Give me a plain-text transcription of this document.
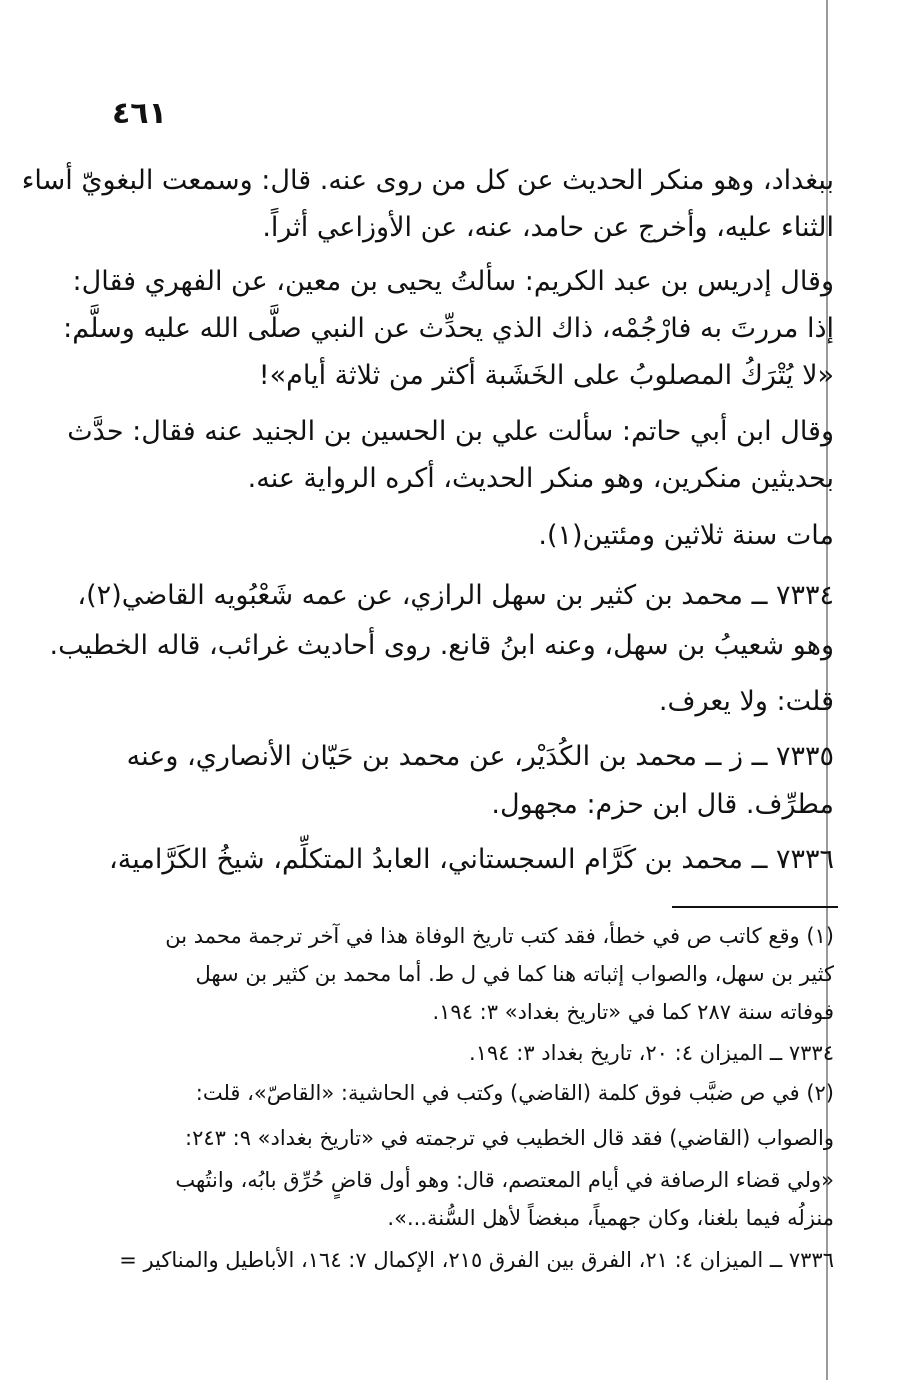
٤٦١
ببغداد، وهو منكر الحديث عن كل من روى عنه. قال: وسمعت البغويّ أساء
الثناء عليه، وأخرج عن حامد، عنه، عن الأوزاعي أثراً.
وقال إدريس بن عبد الكريم: سألتُ يحيى بن معين، عن الفهري فقال:
إذا مررتَ به فارْجُمْه، ذاك الذي يحدِّث عن النبي صلَّى الله عليه وسلَّم:
«لا يُتْرَكُ المصلوبُ على الخَشَبة أكثر من ثلاثة أيام»!
وقال ابن أبي حاتم: سألت علي بن الحسين بن الجنيد عنه فقال: حدَّث
بحديثين منكرين، وهو منكر الحديث، أكره الرواية عنه.
مات سنة ثلاثين ومئتين(١).
٧٣٣٤ ــ محمد بن كثير بن سهل الرازي، عن عمه شَعْبُويه القاضي(٢)،
وهو شعيبُ بن سهل، وعنه ابنُ قانع. روى أحاديث غرائب، قاله الخطيب.
قلت: ولا يعرف.
٧٣٣٥ ــ ز ــ محمد بن الكُدَيْر، عن محمد بن حَيّان الأنصاري، وعنه
مطرِّف. قال ابن حزم: مجهول.
٧٣٣٦ ــ محمد بن كَرَّام السجستاني، العابدُ المتكلِّم، شيخُ الكَرَّامية،
(١) وقع كاتب ص في خطأ، فقد كتب تاريخ الوفاة هذا في آخر ترجمة محمد بن
كثير بن سهل، والصواب إثباته هنا كما في ل ط. أما محمد بن كثير بن سهل
فوفاته سنة ٢٨٧ كما في «تاريخ بغداد» ٣: ١٩٤.
٧٣٣٤ ــ الميزان ٤: ٢٠، تاريخ بغداد ٣: ١٩٤.
(٢) في ص ضبَّب فوق كلمة (القاضي) وكتب في الحاشية: «القاصّ»، قلت:
والصواب (القاضي) فقد قال الخطيب في ترجمته في «تاريخ بغداد» ٩: ٢٤٣:
«ولي قضاء الرصافة في أيام المعتصم، قال: وهو أول قاضٍ حُرِّق بابُه، وانتُهب
منزلُه فيما بلغنا، وكان جهمياً، مبغضاً لأهل السُّنة...».
٧٣٣٦ ــ الميزان ٤: ٢١، الفرق بين الفرق ٢١٥، الإكمال ٧: ١٦٤، الأباطيل والمناكير =
